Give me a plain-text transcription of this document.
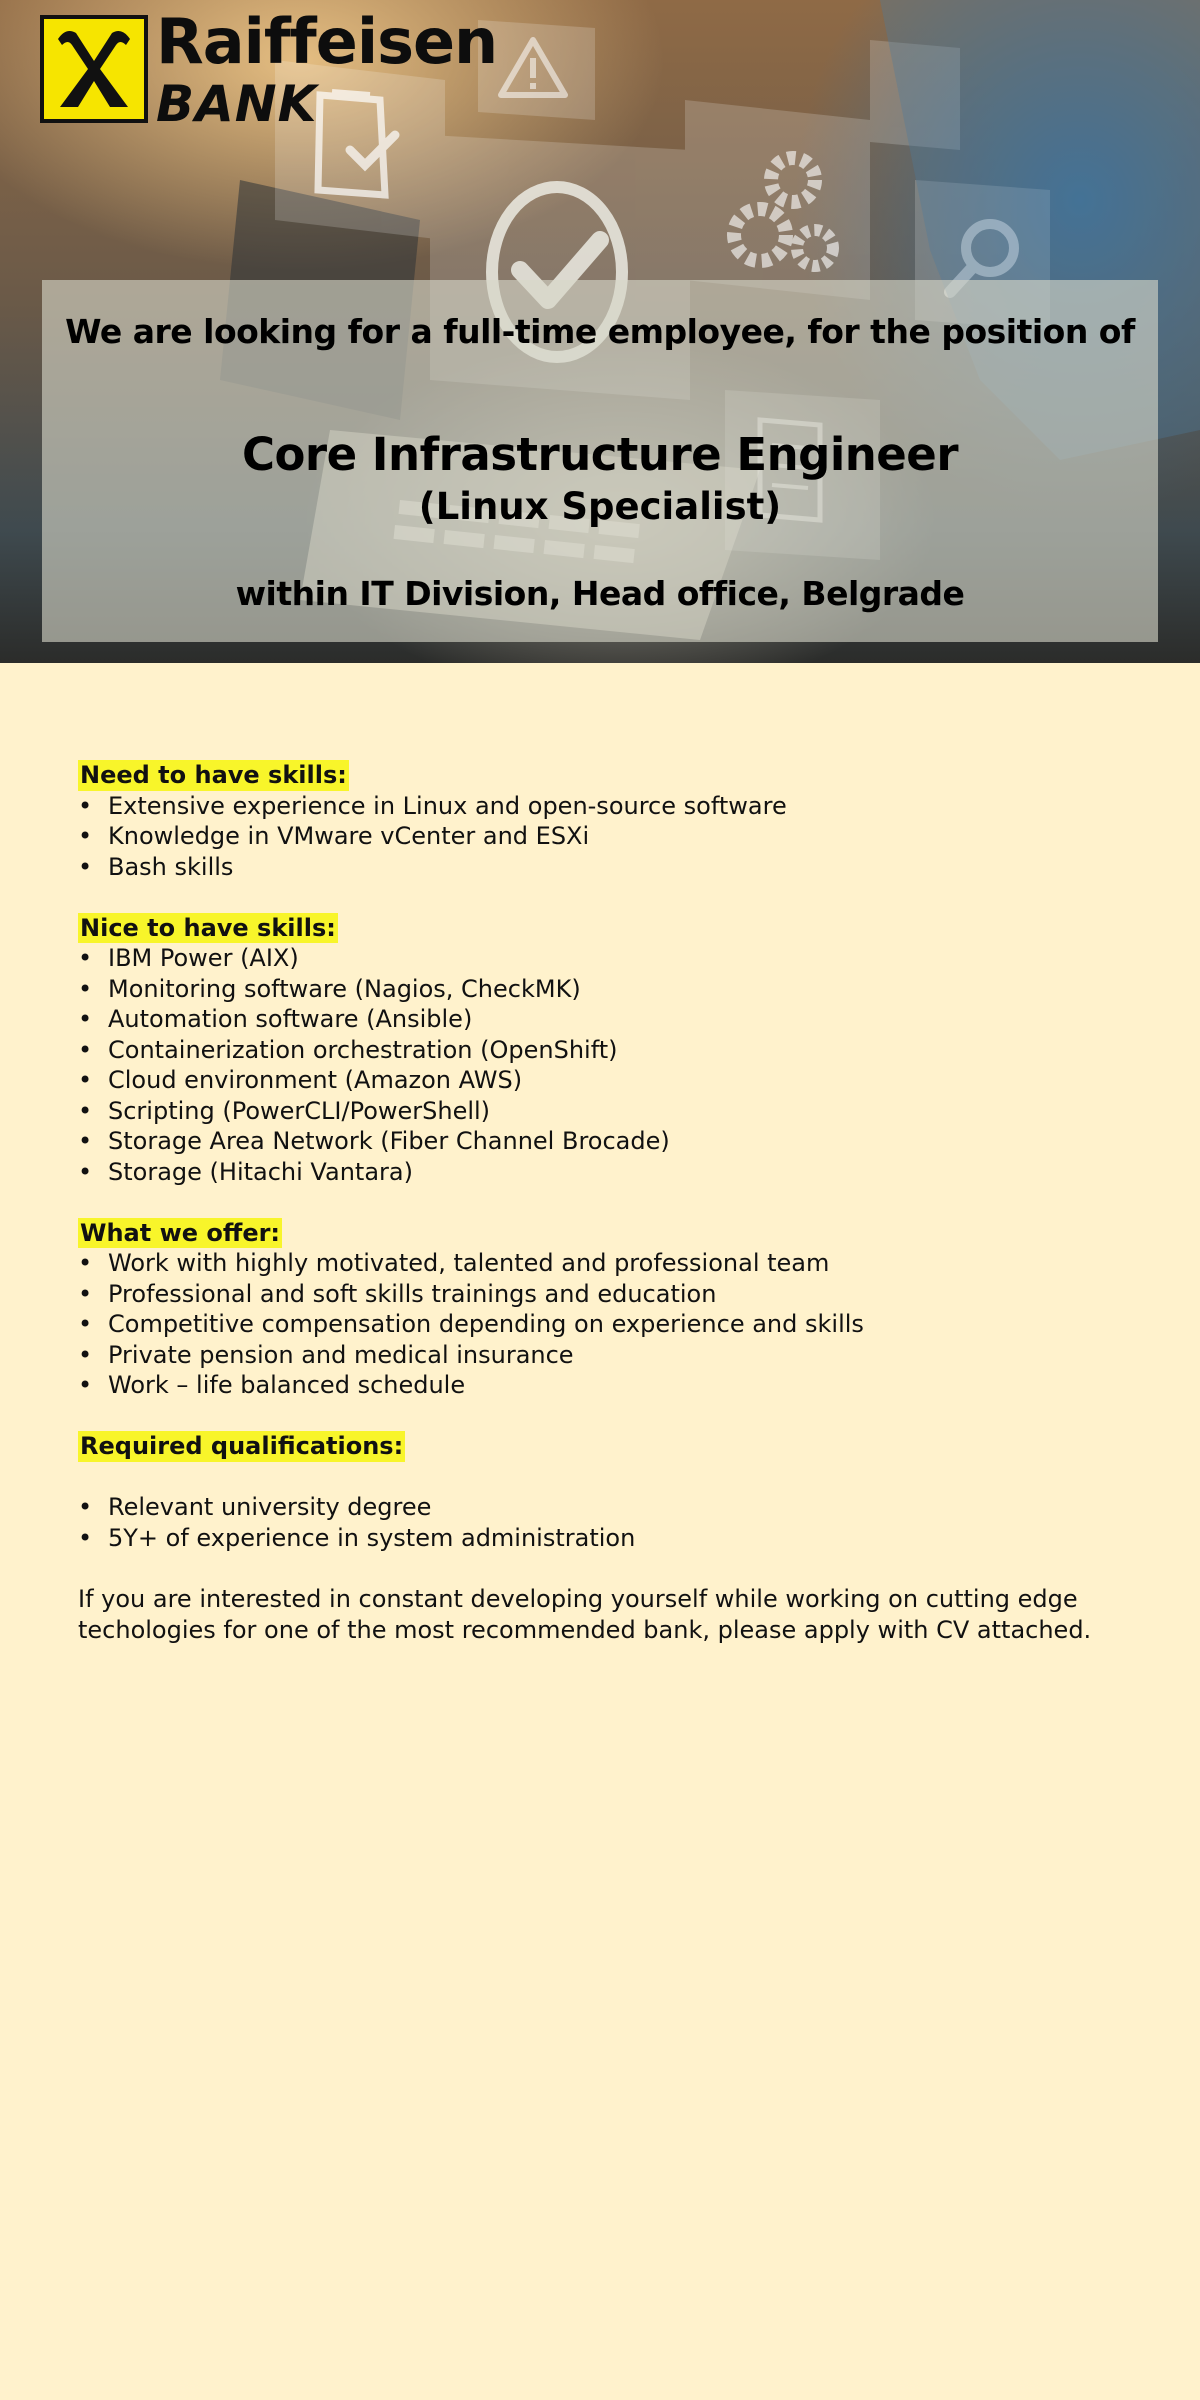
Raiffeisen
BANK
We are looking for a full-time employee, for the position of
Core Infrastructure Engineer
(Linux Specialist)
within IT Division, Head office, Belgrade
Need to have skills:
• Extensive experience in Linux and open-source software
• Knowledge in VMware vCenter and ESXi
• Bash skills
Nice to have skills:
• IBM Power (AIX)
• Monitoring software (Nagios, CheckMK)
• Automation software (Ansible)
• Containerization orchestration (OpenShift)
• Cloud environment (Amazon AWS)
• Scripting (PowerCLI/PowerShell)
• Storage Area Network (Fiber Channel Brocade)
• Storage (Hitachi Vantara)
What we offer:
• Work with highly motivated, talented and professional team
• Professional and soft skills trainings and education
• Competitive compensation depending on experience and skills
• Private pension and medical insurance
• Work – life balanced schedule
Required qualifications:
• Relevant university degree
• 5Y+ of experience in system administration
If you are interested in constant developing yourself while working on cutting edge
techologies for one of the most recommended bank, please apply with CV attached.
